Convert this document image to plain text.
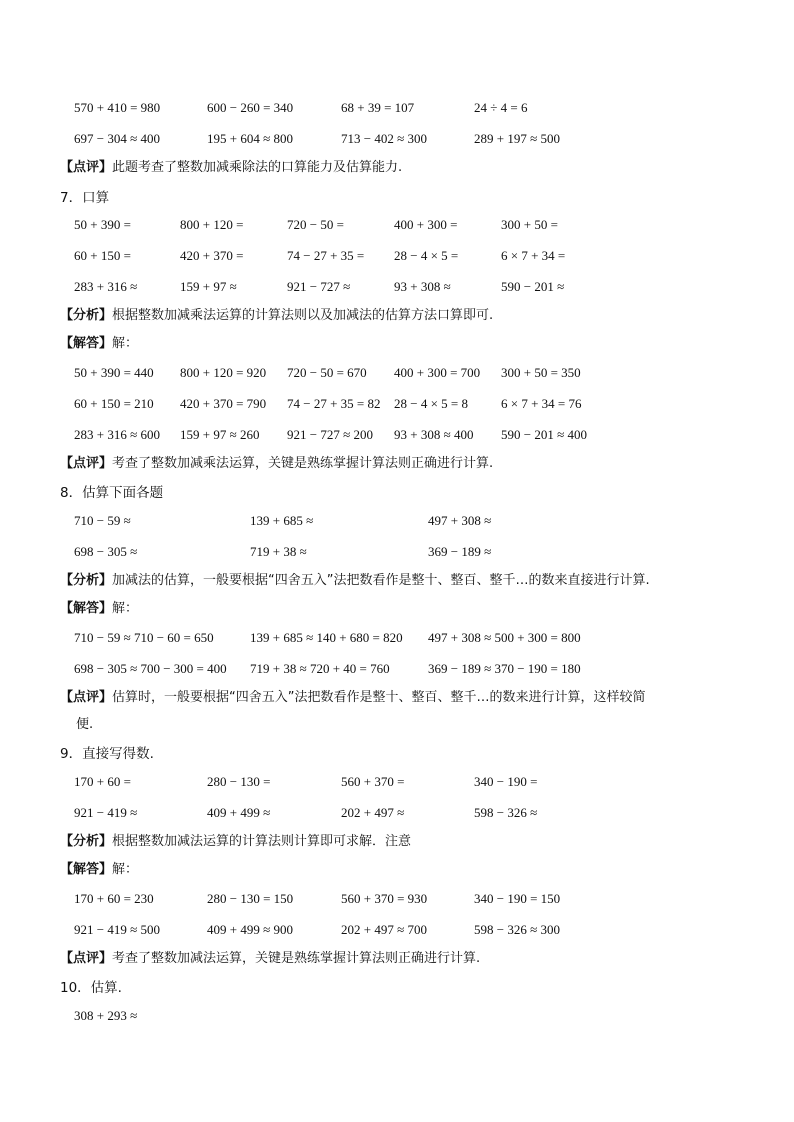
570 + 410 = 980	600 − 260 = 340	68 + 39 = 107	24 ÷ 4 = 6
697 − 304 ≈ 400	195 + 604 ≈ 800	713 − 402 ≈ 300	289 + 197 ≈ 500
【点评】此题考查了整数加减乘除法的口算能力及估算能力.
7．口算
50 + 390 =	800 + 120 =	720 − 50 =	400 + 300 =	300 + 50 =
60 + 150 =	420 + 370 =	74 − 27 + 35 = 28 − 4 × 5 =	6 × 7 + 34 =
283 + 316 ≈	159 + 97 ≈	921 − 727 ≈	93 + 308 ≈	590 − 201 ≈
【分析】根据整数加减乘法运算的计算法则以及加减法的估算方法口算即可.
【解答】解：
50 + 390 = 440 800 + 120 = 920 720 − 50 = 670 400 + 300 = 700 300 + 50 = 350
60 + 150 = 210 420 + 370 = 790 74 − 27 + 35 = 82 28 − 4 × 5 = 8	6 × 7 + 34 = 76
283 + 316 ≈ 600 159 + 97 ≈ 260 921 − 727 ≈ 200 93 + 308 ≈ 400 590 − 201 ≈ 400
【点评】考查了整数加减乘法运算，关键是熟练掌握计算法则正确进行计算.
8．估算下面各题
710 − 59 ≈	139 + 685 ≈	497 + 308 ≈
698 − 305 ≈	719 + 38 ≈	369 − 189 ≈
【分析】加减法的估算，一般要根据“四舍五入”法把数看作是整十、整百、整千…的数来直接进行计算.
【解答】解：
710 − 59 ≈ 710 − 60 = 650	139 + 685 ≈ 140 + 680 = 820 497 + 308 ≈ 500 + 300 = 800
698 − 305 ≈ 700 − 300 = 400 719 + 38 ≈ 720 + 40 = 760	369 − 189 ≈ 370 − 190 = 180
【点评】估算时，一般要根据“四舍五入”法把数看作是整十、整百、整千…的数来进行计算，这样较简
便.
9．直接写得数.
170 + 60 =	280 − 130 =	560 + 370 =	340 − 190 =
921 − 419 ≈	409 + 499 ≈	202 + 497 ≈	598 − 326 ≈
【分析】根据整数加减法运算的计算法则计算即可求解．注意
【解答】解：
170 + 60 = 230	280 − 130 = 150	560 + 370 = 930	340 − 190 = 150
921 − 419 ≈ 500	409 + 499 ≈ 900	202 + 497 ≈ 700	598 − 326 ≈ 300
【点评】考查了整数加减法运算，关键是熟练掌握计算法则正确进行计算.
10．估算.
308 + 293 ≈
